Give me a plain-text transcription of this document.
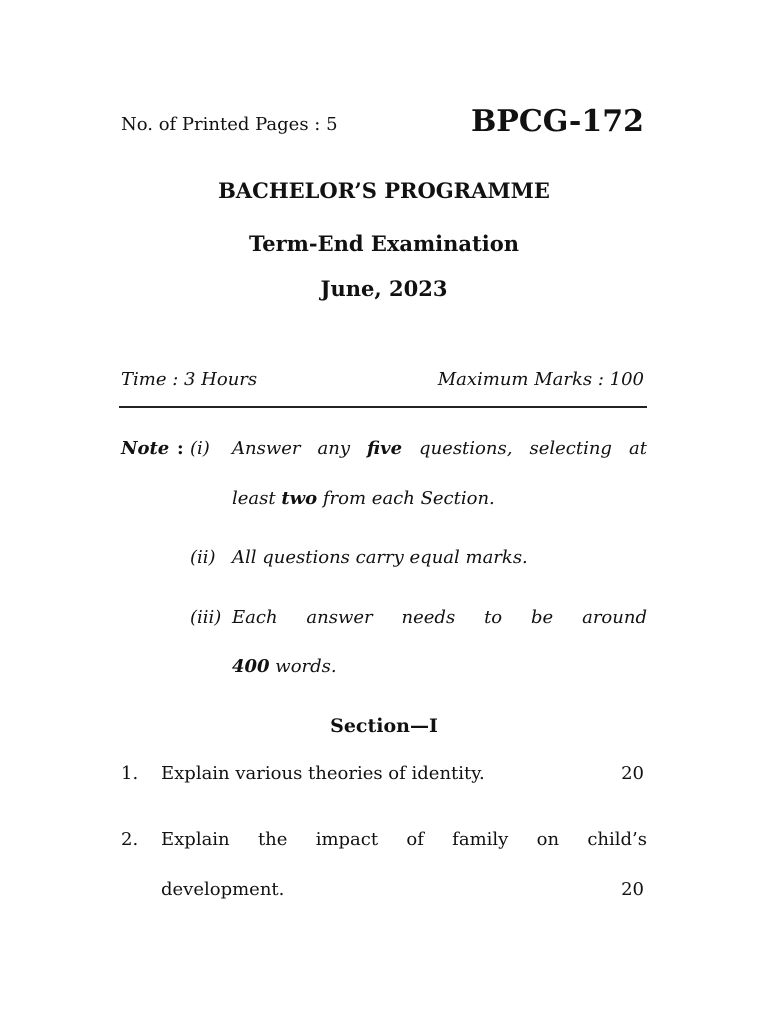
No. of Printed Pages : 5	BPCG-172
BACHELOR’S PROGRAMME
Term-End Examination
June, 2023
Time : 3 Hours	Maximum Marks : 100
Note : (i) Answer any five questions, selecting at
least two from each Section.
(ii) All questions carry equal marks.
(iii) Each answer needs to be around
400 words.
Section—I
1. Explain various theories of identity.	20
2. Explain the impact of family on child’s
development.	20
